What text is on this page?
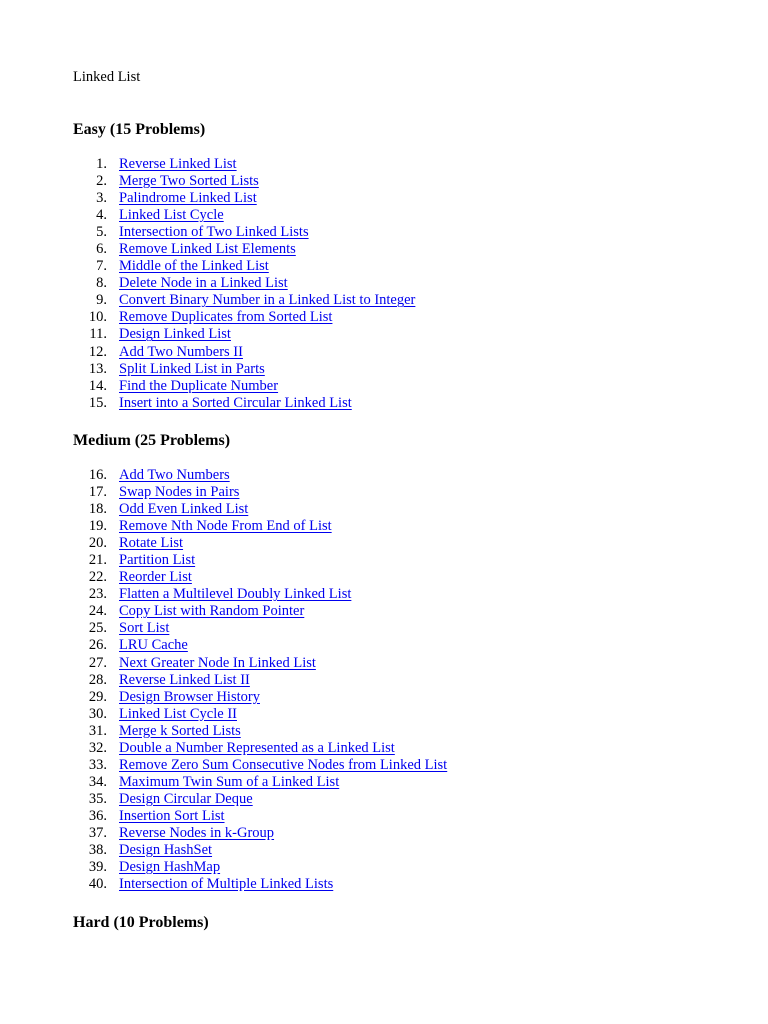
Linked List

Easy (15 Problems)
1. Reverse Linked List
2. Merge Two Sorted Lists
3. Palindrome Linked List
4. Linked List Cycle
5. Intersection of Two Linked Lists
6. Remove Linked List Elements
7. Middle of the Linked List
8. Delete Node in a Linked List
9. Convert Binary Number in a Linked List to Integer
10. Remove Duplicates from Sorted List
11. Design Linked List
12. Add Two Numbers II
13. Split Linked List in Parts
14. Find the Duplicate Number
15. Insert into a Sorted Circular Linked List
Medium (25 Problems)
16. Add Two Numbers
17. Swap Nodes in Pairs
18. Odd Even Linked List
19. Remove Nth Node From End of List
20. Rotate List
21. Partition List
22. Reorder List
23. Flatten a Multilevel Doubly Linked List
24. Copy List with Random Pointer
25. Sort List
26. LRU Cache
27. Next Greater Node In Linked List
28. Reverse Linked List II
29. Design Browser History
30. Linked List Cycle II
31. Merge k Sorted Lists
32. Double a Number Represented as a Linked List
33. Remove Zero Sum Consecutive Nodes from Linked List
34. Maximum Twin Sum of a Linked List
35. Design Circular Deque
36. Insertion Sort List
37. Reverse Nodes in k-Group
38. Design HashSet
39. Design HashMap
40. Intersection of Multiple Linked Lists
Hard (10 Problems)
